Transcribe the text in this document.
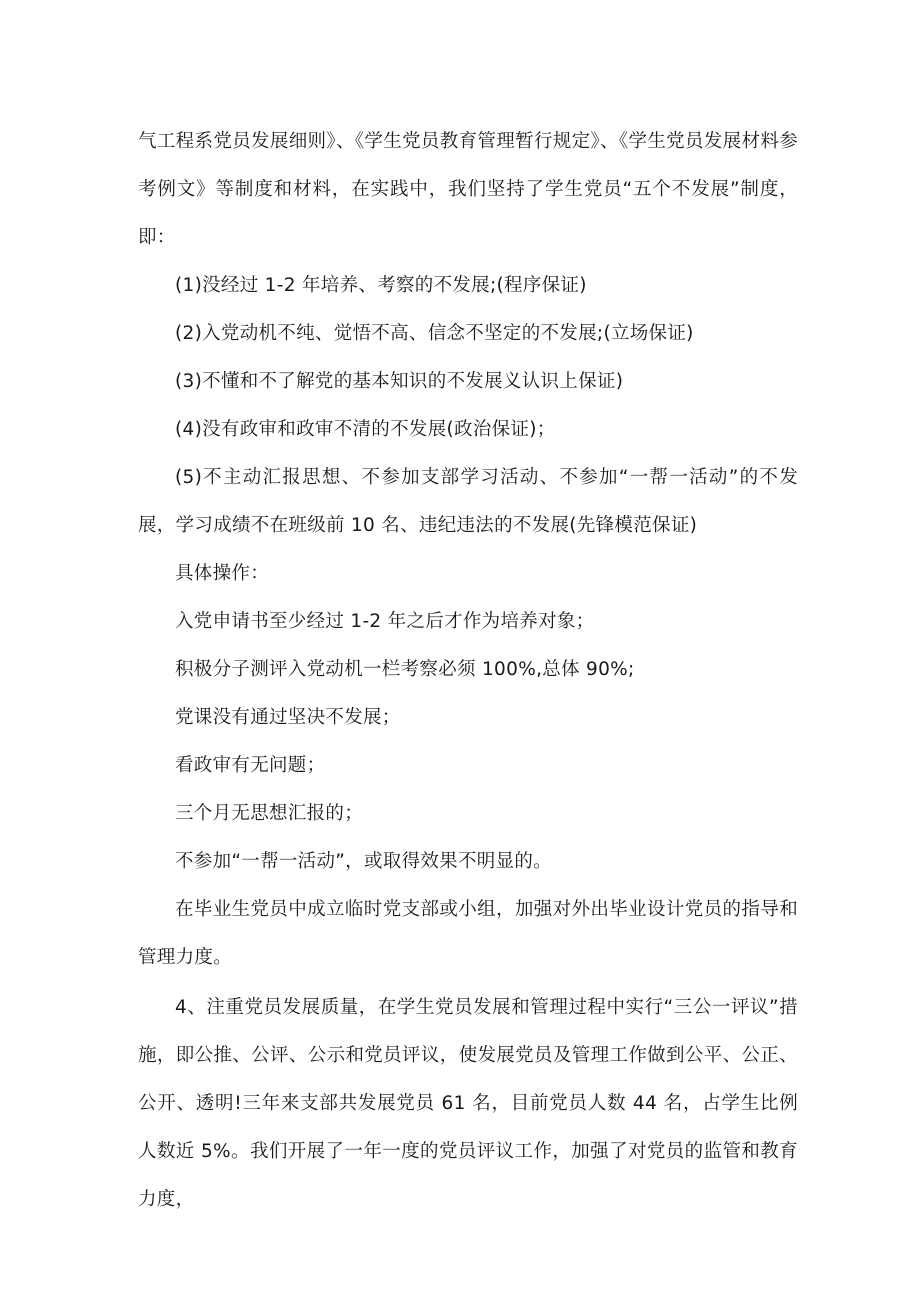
气工程系党员发展细则》、《学生党员教育管理暂行规定》、《学生党员发展材料参考例文》等制度和材料，在实践中，我们坚持了学生党员“五个不发展”制度，即：

(1)没经过 1-2 年培养、考察的不发展;(程序保证)

(2)入党动机不纯、觉悟不高、信念不坚定的不发展;(立场保证)

(3)不懂和不了解党的基本知识的不发展义认识上保证)

(4)没有政审和政审不清的不发展(政治保证)；

(5)不主动汇报思想、不参加支部学习活动、不参加“一帮一活动”的不发展，学习成绩不在班级前 10 名、违纪违法的不发展(先锋模范保证)

具体操作：

入党申请书至少经过 1-2 年之后才作为培养对象；

积极分子测评入党动机一栏考察必须 100%,总体 90%;

党课没有通过坚决不发展；

看政审有无问题；

三个月无思想汇报的；

不参加“一帮一活动”，或取得效果不明显的。

在毕业生党员中成立临时党支部或小组，加强对外出毕业设计党员的指导和管理力度。

4、注重党员发展质量，在学生党员发展和管理过程中实行“三公一评议”措施，即公推、公评、公示和党员评议，使发展党员及管理工作做到公平、公正、公开、透明!三年来支部共发展党员 61 名，目前党员人数 44 名，占学生比例人数近 5%。我们开展了一年一度的党员评议工作，加强了对党员的监管和教育力度，
